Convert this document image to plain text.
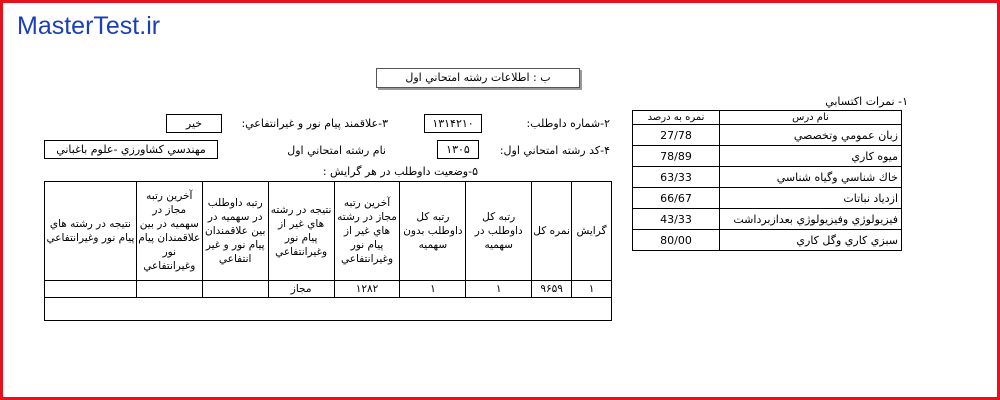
MasterTest.ir
ب : اطلاعات رشته امتحاني اول
۱- نمرات اکتسابي
نام درس	نمره به درصد
زبان عمومي وتخصصي	27/78
ميوه كاري	78/89
خاك شناسي وگياه شناسي	63/33
ازدياد نباتات	66/67
فيزيولوژي وفيزيولوژي بعدازبرداشت	43/33
سبزي كاري وگل كاري	80/00
۲-شماره داوطلب:
۱۳۱۴۲۱۰
۳-علاقمند پيام نور و غيرانتفاعي:
خير
۴-کد رشته امتحاني اول:
۱۳۰۵
نام رشته امتحاني اول
مهندسي كشاورزي -علوم باغباني
۵-وضعيت داوطلب در هر گرايش :
گرايش	نمره کل	رتبه کل داوطلب در سهميه	رتبه کل داوطلب بدون سهميه	آخرين رتبه مجاز در رشته هاي غير از پيام نور وغيرانتفاعي	نتيجه در رشته هاي غير از پيام نور وغيرانتفاعي	رتبه داوطلب در سهميه در بين علاقمندان پيام نور و غير انتفاعي	آخرين رتبه مجاز در سهميه در بين علاقمندان پيام نور وغيرانتفاعي	نتيجه در رشته هاي پيام نور وغيرانتفاعي
۱	۹۶۵۹	۱	۱	۱۲۸۲	مجاز			
